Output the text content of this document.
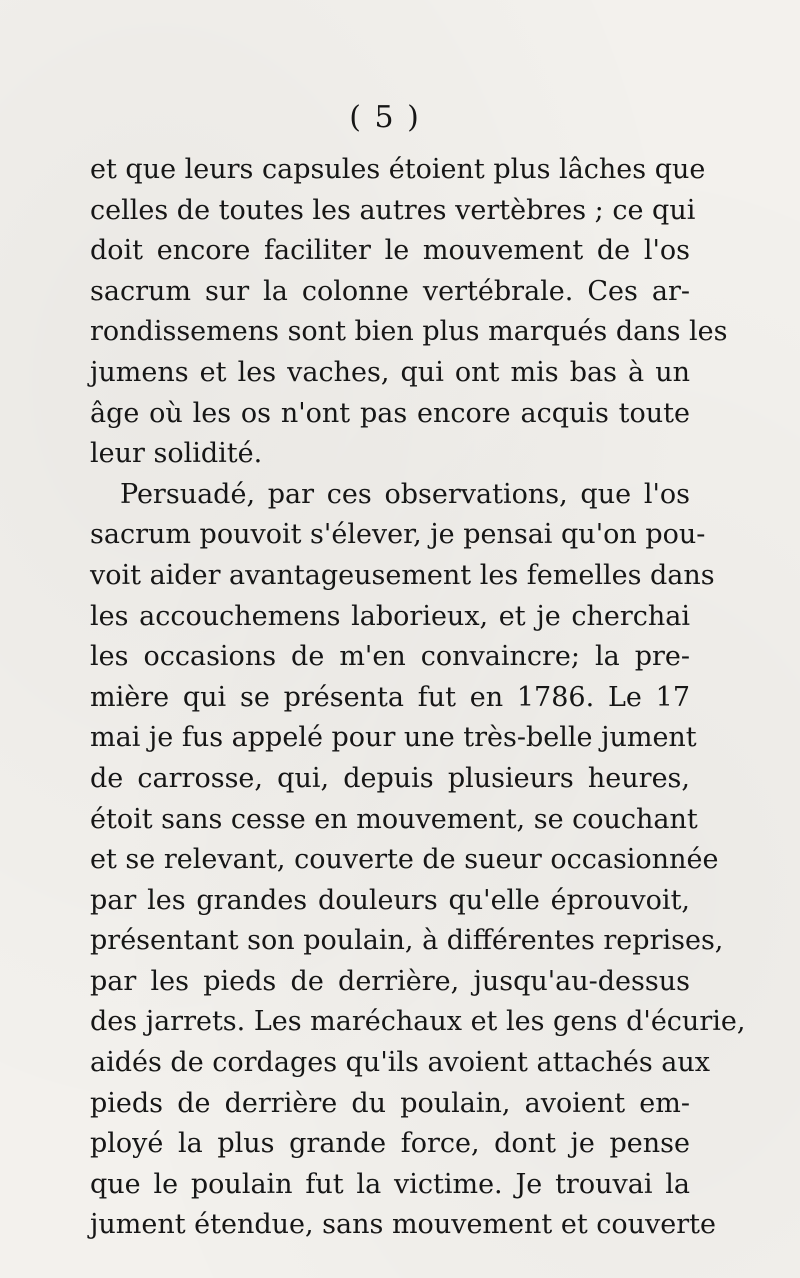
( 5 )
et que leurs capsules étoient plus lâches que
celles de toutes les autres vertèbres ; ce qui
doit encore faciliter le mouvement de l'os
sacrum sur la colonne vertébrale. Ces ar-
rondissemens sont bien plus marqués dans les
jumens et les vaches, qui ont mis bas à un
âge où les os n'ont pas encore acquis toute
leur solidité.
Persuadé, par ces observations, que l'os
sacrum pouvoit s'élever, je pensai qu'on pou-
voit aider avantageusement les femelles dans
les accouchemens laborieux, et je cherchai
les occasions de m'en convaincre; la pre-
mière qui se présenta fut en 1786. Le 17
mai je fus appelé pour une très-belle jument
de carrosse, qui, depuis plusieurs heures,
étoit sans cesse en mouvement, se couchant
et se relevant, couverte de sueur occasionnée
par les grandes douleurs qu'elle éprouvoit,
présentant son poulain, à différentes reprises,
par les pieds de derrière, jusqu'au-dessus
des jarrets. Les maréchaux et les gens d'écurie,
aidés de cordages qu'ils avoient attachés aux
pieds de derrière du poulain, avoient em-
ployé la plus grande force, dont je pense
que le poulain fut la victime. Je trouvai la
jument étendue, sans mouvement et couverte
